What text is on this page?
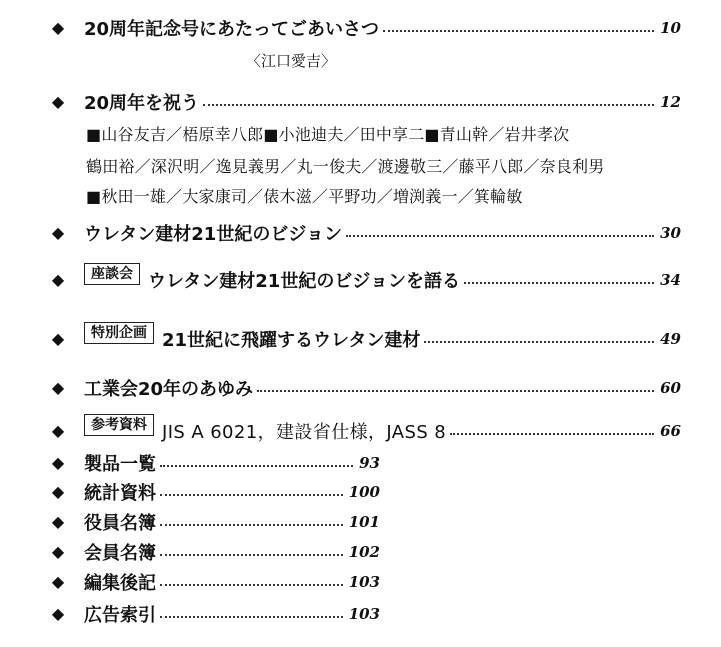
◆ 20周年記念号にあたってごあいさつ	10
〈江口愛吉〉
◆ 20周年を祝う	12
■山谷友吉／梧原幸八郎■小池迪夫／田中享二■青山幹／岩井孝次
鶴田裕／深沢明／逸見義男／丸一俊夫／渡邊敬三／藤平八郎／奈良利男
■秋田一雄／大家康司／俵木滋／平野功／増渕義一／箕輪敏
◆ ウレタン建材21世紀のビジョン	30
◆	座談会 ウレタン建材21世紀のビジョンを語る	34
◆	特別企画 21世紀に飛躍するウレタン建材	49
◆ 工業会20年のあゆみ	60
◆	参考資料 JIS A 6021，建設省仕様，JASS 8	66
◆ 製品一覧	93
◆ 統計資料	100
◆ 役員名簿	101
◆ 会員名簿	102
◆ 編集後記	103
◆ 広告索引	103
